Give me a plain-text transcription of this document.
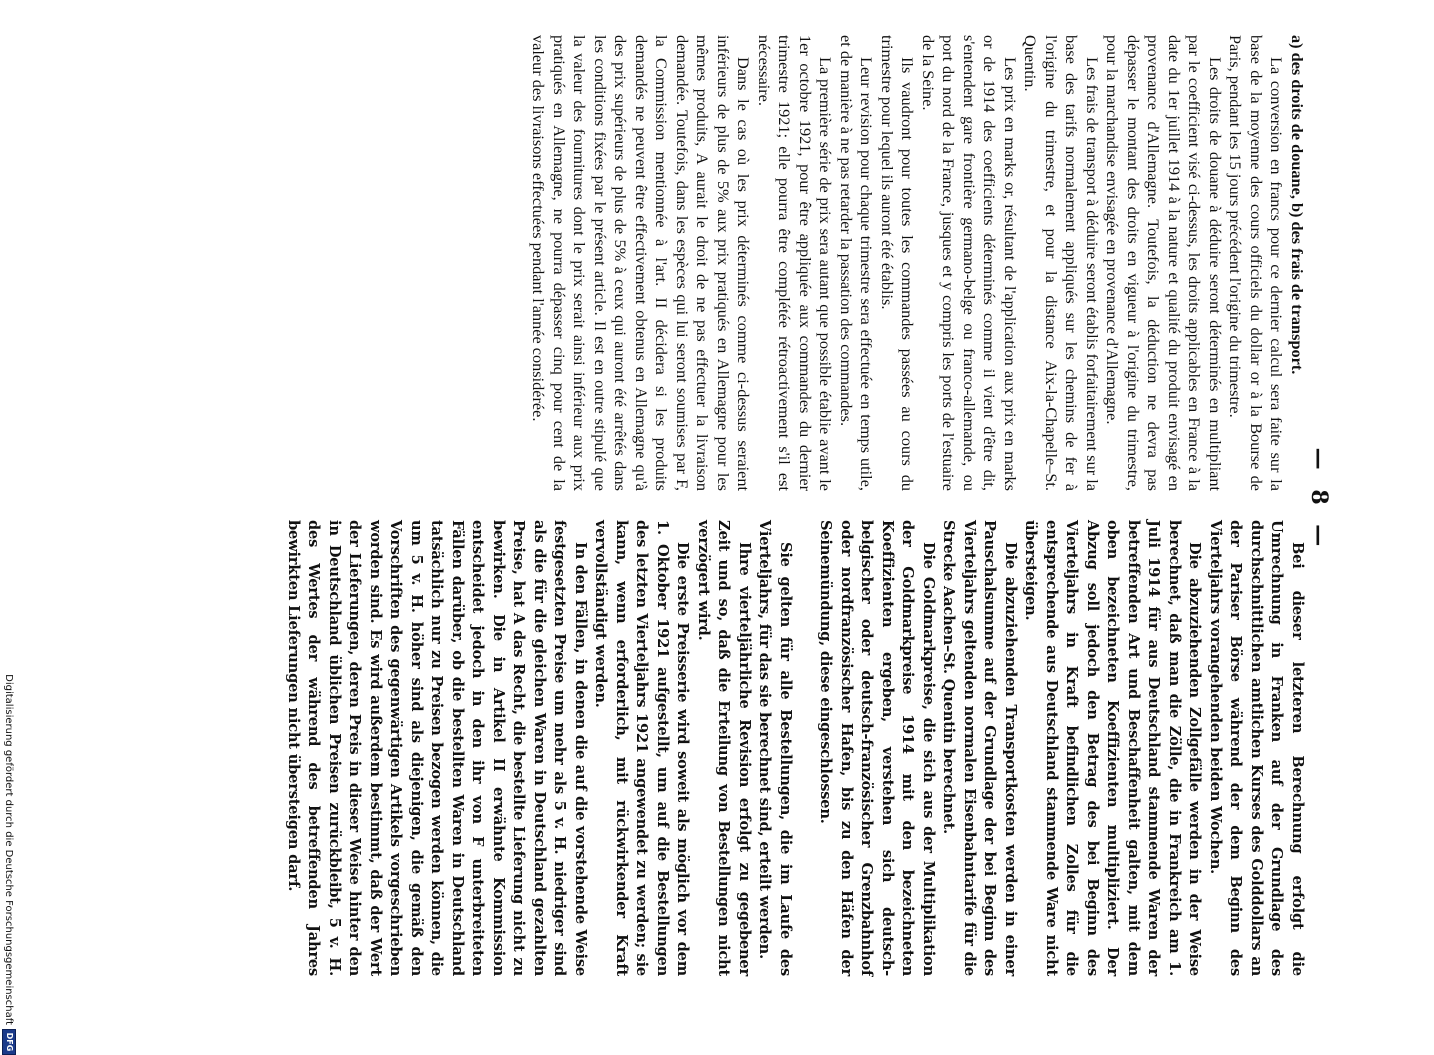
— 8 —

a) des droits de douane, b) des frais de transport.

La conversion en francs pour ce dernier calcul sera faite sur la base de la moyenne des cours officiels du dollar or à la Bourse de Paris, pendant les 15 jours précédent l'origine du trimestre.

Les droits de douane à déduire seront déterminés en multipliant par le coefficient visé ci-dessus, les droits applicables en France à la date du 1er juillet 1914 à la nature et qualité du produit envisagé en provenance d'Allemagne. Toutefois, la déduction ne devra pas dépasser le montant des droits en vigueur à l'origine du trimestre, pour la marchandise envisagée en provenance d'Allemagne.

Les frais de transport à déduire seront établis forfaitairement sur la base des tarifs normalement appliqués sur les chemins de fer à l'origine du trimestre, et pour la distance Aix-la-Chapelle–St. Quentin.

Les prix en marks or, résultant de l'application aux prix en marks or de 1914 des coefficients déterminés comme il vient d'être dit, s'entendent gare frontière germano-belge ou franco-allemande, ou port du nord de la France, jusques et y compris les ports de l'estuaire de la Seine.

Ils vaudront pour toutes les commandes passées au cours du trimestre pour lequel ils auront été établis.

Leur revision pour chaque trimestre sera effectuée en temps utile, et de manière à ne pas retarder la passation des commandes.

La première série de prix sera autant que possible établie avant le 1er octobre 1921, pour être appliquée aux commandes du dernier trimestre 1921; elle pourra être complétée rétroactivement s'il est nécessaire.

Dans le cas où les prix déterminés comme ci-dessus seraient inférieurs de plus de 5% aux prix pratiqués en Allemagne pour les mêmes produits, A aurait le droit de ne pas effectuer la livraison demandée. Toutefois, dans les espèces qui lui seront soumises par F, la Commission mentionnée à l'art. II décidera si les produits demandés ne peuvent être effectivement obtenus en Allemagne qu'à des prix supérieurs de plus de 5% à ceux qui auront été arrêtés dans les conditions fixées par le présent article. Il est en outre stipulé que la valeur des fournitures dont le prix serait ainsi inférieur aux prix pratiqués en Allemagne, ne pourra dépasser cinq pour cent de la valeur des livraisons effectuées pendant l'année considérée.

Bei dieser letzteren Berechnung erfolgt die Umrechnung in Franken auf der Grundlage des durchschnittlichen amtlichen Kurses des Golddollars an der Pariser Börse während der dem Beginn des Vierteljahrs vorangehenden beiden Wochen.

Die abzuziehenden Zollgefälle werden in der Weise berechnet, daß man die Zölle, die in Frankreich am 1. Juli 1914 für aus Deutschland stammende Waren der betreffenden Art und Beschaffenheit galten, mit dem oben bezeichneten Koeffizienten multipliziert. Der Abzug soll jedoch den Betrag des bei Beginn des Vierteljahrs in Kraft befindlichen Zolles für die entsprechende aus Deutschland stammende Ware nicht übersteigen.

Die abzuziehenden Transportkosten werden in einer Pauschalsumme auf der Grundlage der bei Beginn des Vierteljahrs geltenden normalen Eisenbahntarife für die Strecke Aachen–St. Quentin berechnet.

Die Goldmarkpreise, die sich aus der Multiplikation der Goldmarkpreise 1914 mit den bezeichneten Koeffizienten ergeben, verstehen sich deutsch-belgischer oder deutsch-französischer Grenzbahnhof oder nordfranzösischer Hafen, bis zu den Häfen der Seinemündung, diese eingeschlossen.

Sie gelten für alle Bestellungen, die im Laufe des Vierteljahrs, für das sie berechnet sind, erteilt werden.

Ihre vierteljährliche Revision erfolgt zu gegebener Zeit und so, daß die Erteilung von Bestellungen nicht verzögert wird.

Die erste Preisserie wird soweit als möglich vor dem 1. Oktober 1921 aufgestellt, um auf die Bestellungen des letzten Vierteljahrs 1921 angewendet zu werden; sie kann, wenn erforderlich, mit rückwirkender Kraft vervollständigt werden.

In den Fällen, in denen die auf die vorstehende Weise festgesetzten Preise um mehr als 5 v. H. niedriger sind als die für die gleichen Waren in Deutschland gezahlten Preise, hat A das Recht, die bestellte Lieferung nicht zu bewirken. Die in Artikel II erwähnte Kommission entscheidet jedoch in den ihr von F unterbreiteten Fällen darüber, ob die bestellten Waren in Deutschland tatsächlich nur zu Preisen bezogen werden können, die um 5 v. H. höher sind als diejenigen, die gemäß den Vorschriften des gegenwärtigen Artikels vorgeschrieben worden sind. Es wird außerdem bestimmt, daß der Wert der Lieferungen, deren Preis in dieser Weise hinter den in Deutschland üblichen Preisen zurückbleibt, 5 v. H. des Wertes der während des betreffenden Jahres bewirkten Lieferungen nicht übersteigen darf.

Digitalisierung gefördert durch die Deutsche Forschungsgemeinschaft
DFG
